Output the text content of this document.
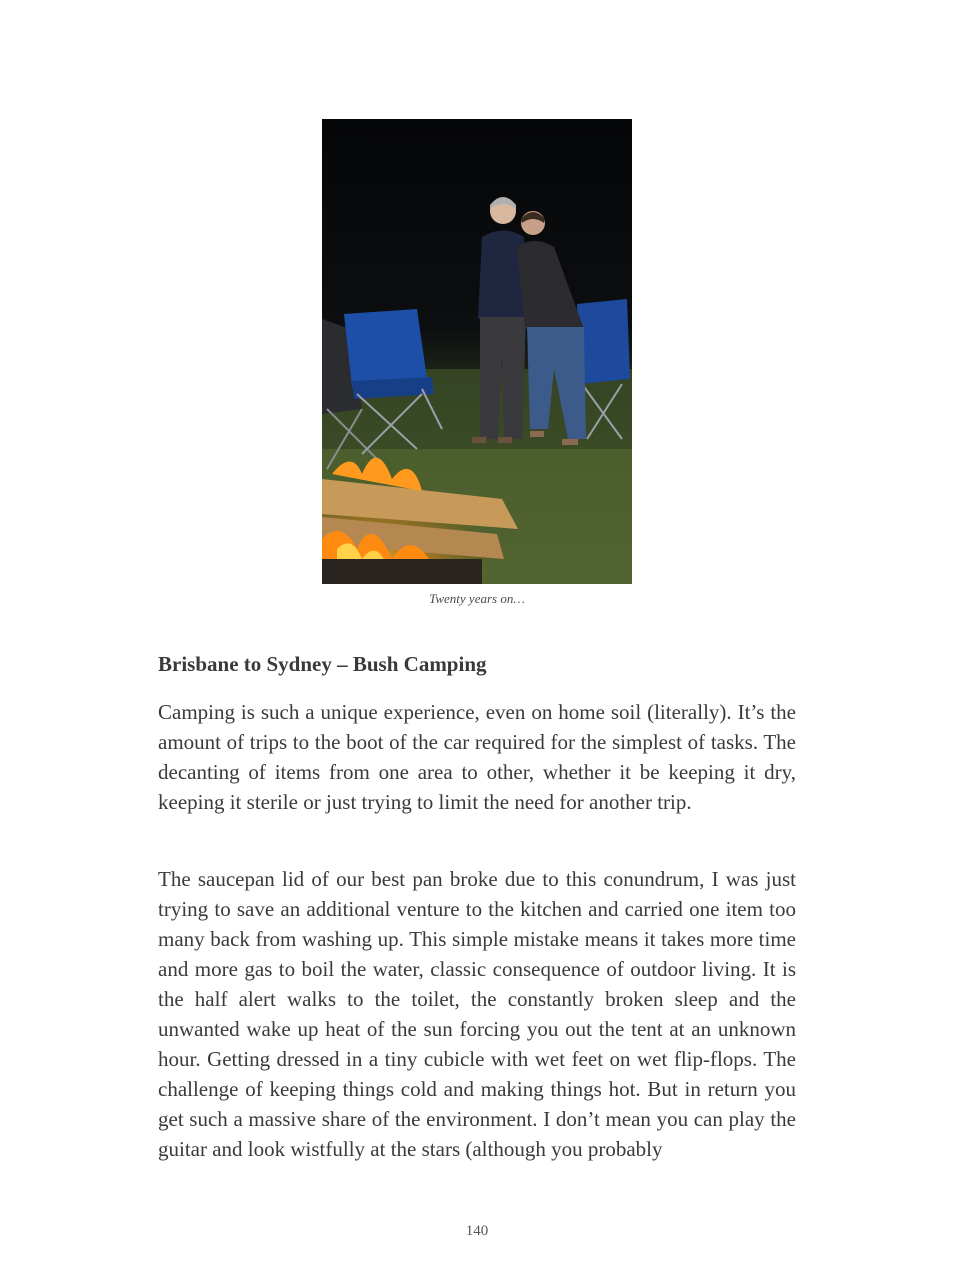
Twenty years on…
Brisbane to Sydney – Bush Camping

Camping is such a unique experience, even on home soil (literally). It’s the amount of trips to the boot of the car required for the simplest of tasks. The decanting of items from one area to other, whether it be keeping it dry, keeping it sterile or just trying to limit the need for another trip.

The saucepan lid of our best pan broke due to this conundrum, I was just trying to save an additional venture to the kitchen and carried one item too many back from washing up. This simple mistake means it takes more time and more gas to boil the water, classic consequence of outdoor living. It is the half alert walks to the toilet, the constantly broken sleep and the unwanted wake up heat of the sun forcing you out the tent at an unknown hour. Getting dressed in a tiny cubicle with wet feet on wet flip-flops. The challenge of keeping things cold and making things hot. But in return you get such a massive share of the environment. I don’t mean you can play the guitar and look wistfully at the stars (although you probably

140
